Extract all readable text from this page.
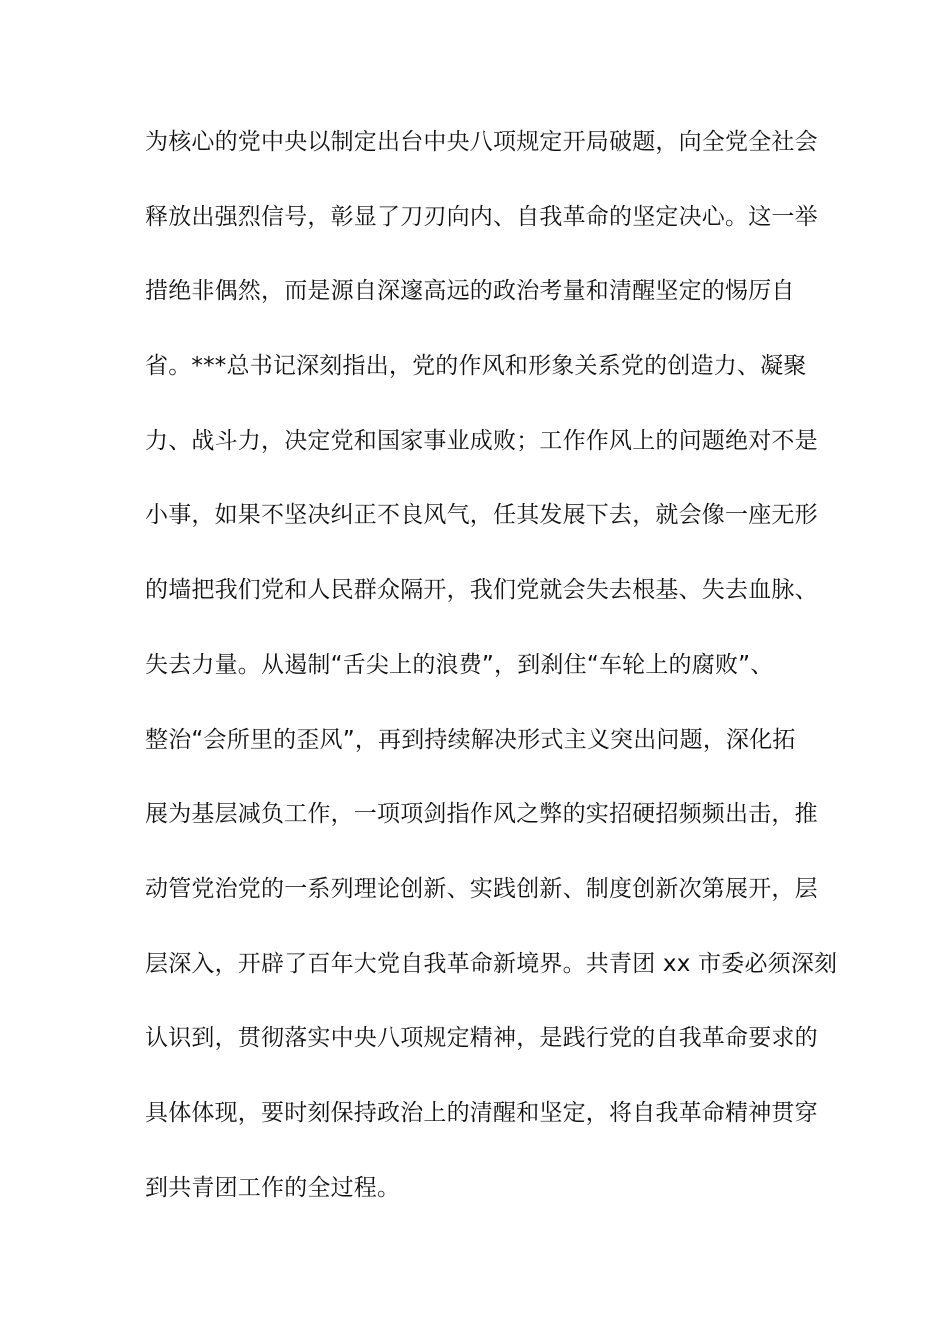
为核心的党中央以制定出台中央八项规定开局破题，向全党全社会
释放出强烈信号，彰显了刀刃向内、自我革命的坚定决心。这一举
措绝非偶然，而是源自深邃高远的政治考量和清醒坚定的惕厉自
省。***总书记深刻指出，党的作风和形象关系党的创造力、凝聚
力、战斗力，决定党和国家事业成败；工作作风上的问题绝对不是
小事，如果不坚决纠正不良风气，任其发展下去，就会像一座无形
的墙把我们党和人民群众隔开，我们党就会失去根基、失去血脉、
失去力量。从遏制“舌尖上的浪费”，到刹住“车轮上的腐败”、
整治“会所里的歪风”，再到持续解决形式主义突出问题，深化拓
展为基层减负工作，一项项剑指作风之弊的实招硬招频频出击，推
动管党治党的一系列理论创新、实践创新、制度创新次第展开，层
层深入，开辟了百年大党自我革命新境界。共青团 xx 市委必须深刻
认识到，贯彻落实中央八项规定精神，是践行党的自我革命要求的
具体体现，要时刻保持政治上的清醒和坚定，将自我革命精神贯穿
到共青团工作的全过程。
